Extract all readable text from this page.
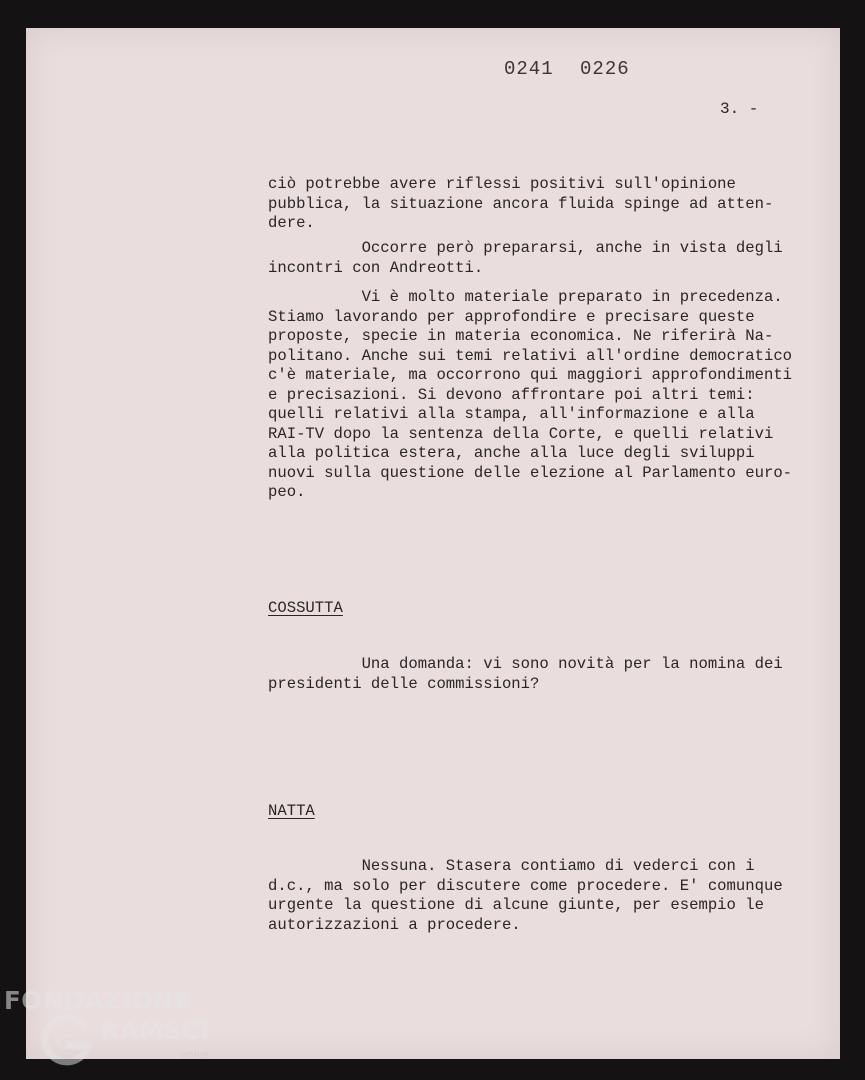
0241 0226
3. -
ciò potrebbe avere riflessi positivi sull'opinione
pubblica, la situazione ancora fluida spinge ad atten-
dere.
Occorre però prepararsi, anche in vista degli
incontri con Andreotti.
Vi è molto materiale preparato in precedenza.
Stiamo lavorando per approfondire e precisare queste
proposte, specie in materia economica. Ne riferirà Na-
politano. Anche sui temi relativi all'ordine democratico
c'è materiale, ma occorrono qui maggiori approfondimenti
e precisazioni. Si devono affrontare poi altri temi:
quelli relativi alla stampa, all'informazione e alla
RAI-TV dopo la sentenza della Corte, e quelli relativi
alla politica estera, anche alla luce degli sviluppi
nuovi sulla questione delle elezione al Parlamento euro-
peo.
COSSUTTA
Una domanda: vi sono novità per la nomina dei
presidenti delle commissioni?
NATTA
Nessuna. Stasera contiamo di vederci con i
d.c., ma solo per discutere come procedere. E' comunque
urgente la questione di alcune giunte, per esempio le
autorizzazioni a procedere.
FONDAZIONE
G RAMSCI
onlus
